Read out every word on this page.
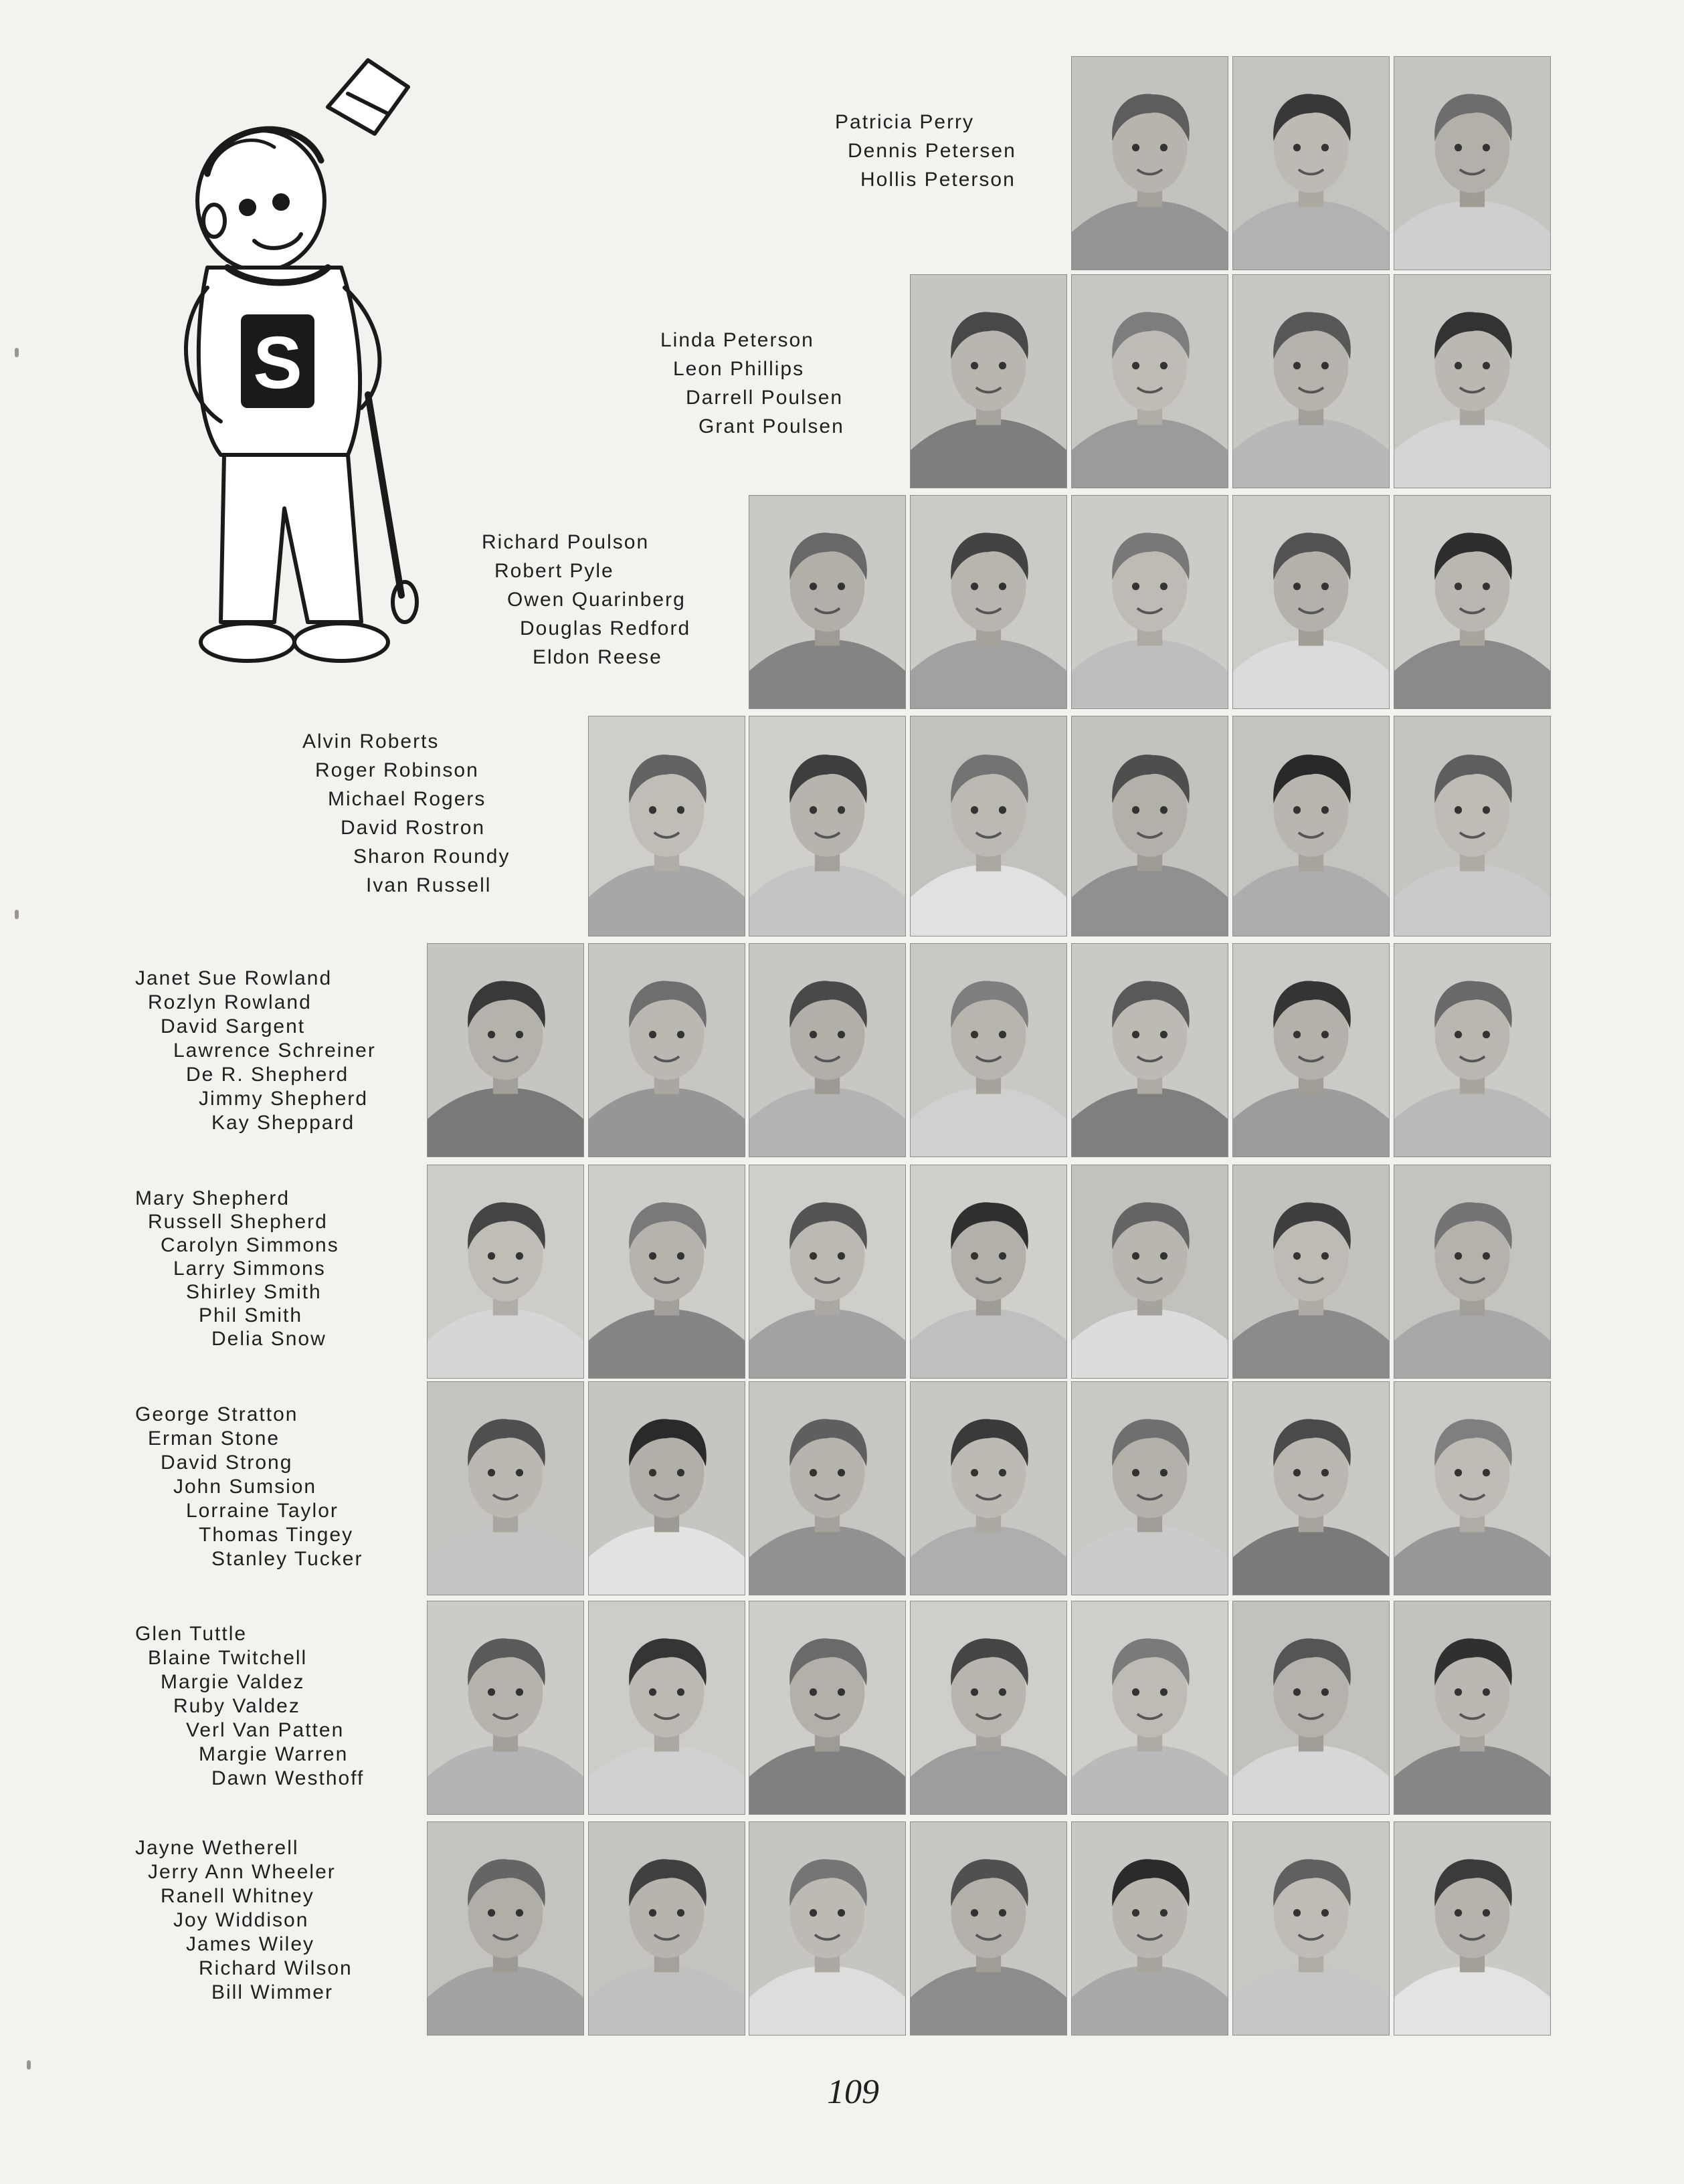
S
109
Patricia Perry
Dennis Petersen
Hollis Peterson
Linda Peterson
Leon Phillips
Darrell Poulsen
Grant Poulsen
Richard Poulson
Robert Pyle
Owen Quarinberg
Douglas Redford
Eldon Reese
Alvin Roberts
Roger Robinson
Michael Rogers
David Rostron
Sharon Roundy
Ivan Russell
Janet Sue Rowland
Rozlyn Rowland
David Sargent
Lawrence Schreiner
De R. Shepherd
Jimmy Shepherd
Kay Sheppard
Mary Shepherd
Russell Shepherd
Carolyn Simmons
Larry Simmons
Shirley Smith
Phil Smith
Delia Snow
George Stratton
Erman Stone
David Strong
John Sumsion
Lorraine Taylor
Thomas Tingey
Stanley Tucker
Glen Tuttle
Blaine Twitchell
Margie Valdez
Ruby Valdez
Verl Van Patten
Margie Warren
Dawn Westhoff
Jayne Wetherell
Jerry Ann Wheeler
Ranell Whitney
Joy Widdison
James Wiley
Richard Wilson
Bill Wimmer
